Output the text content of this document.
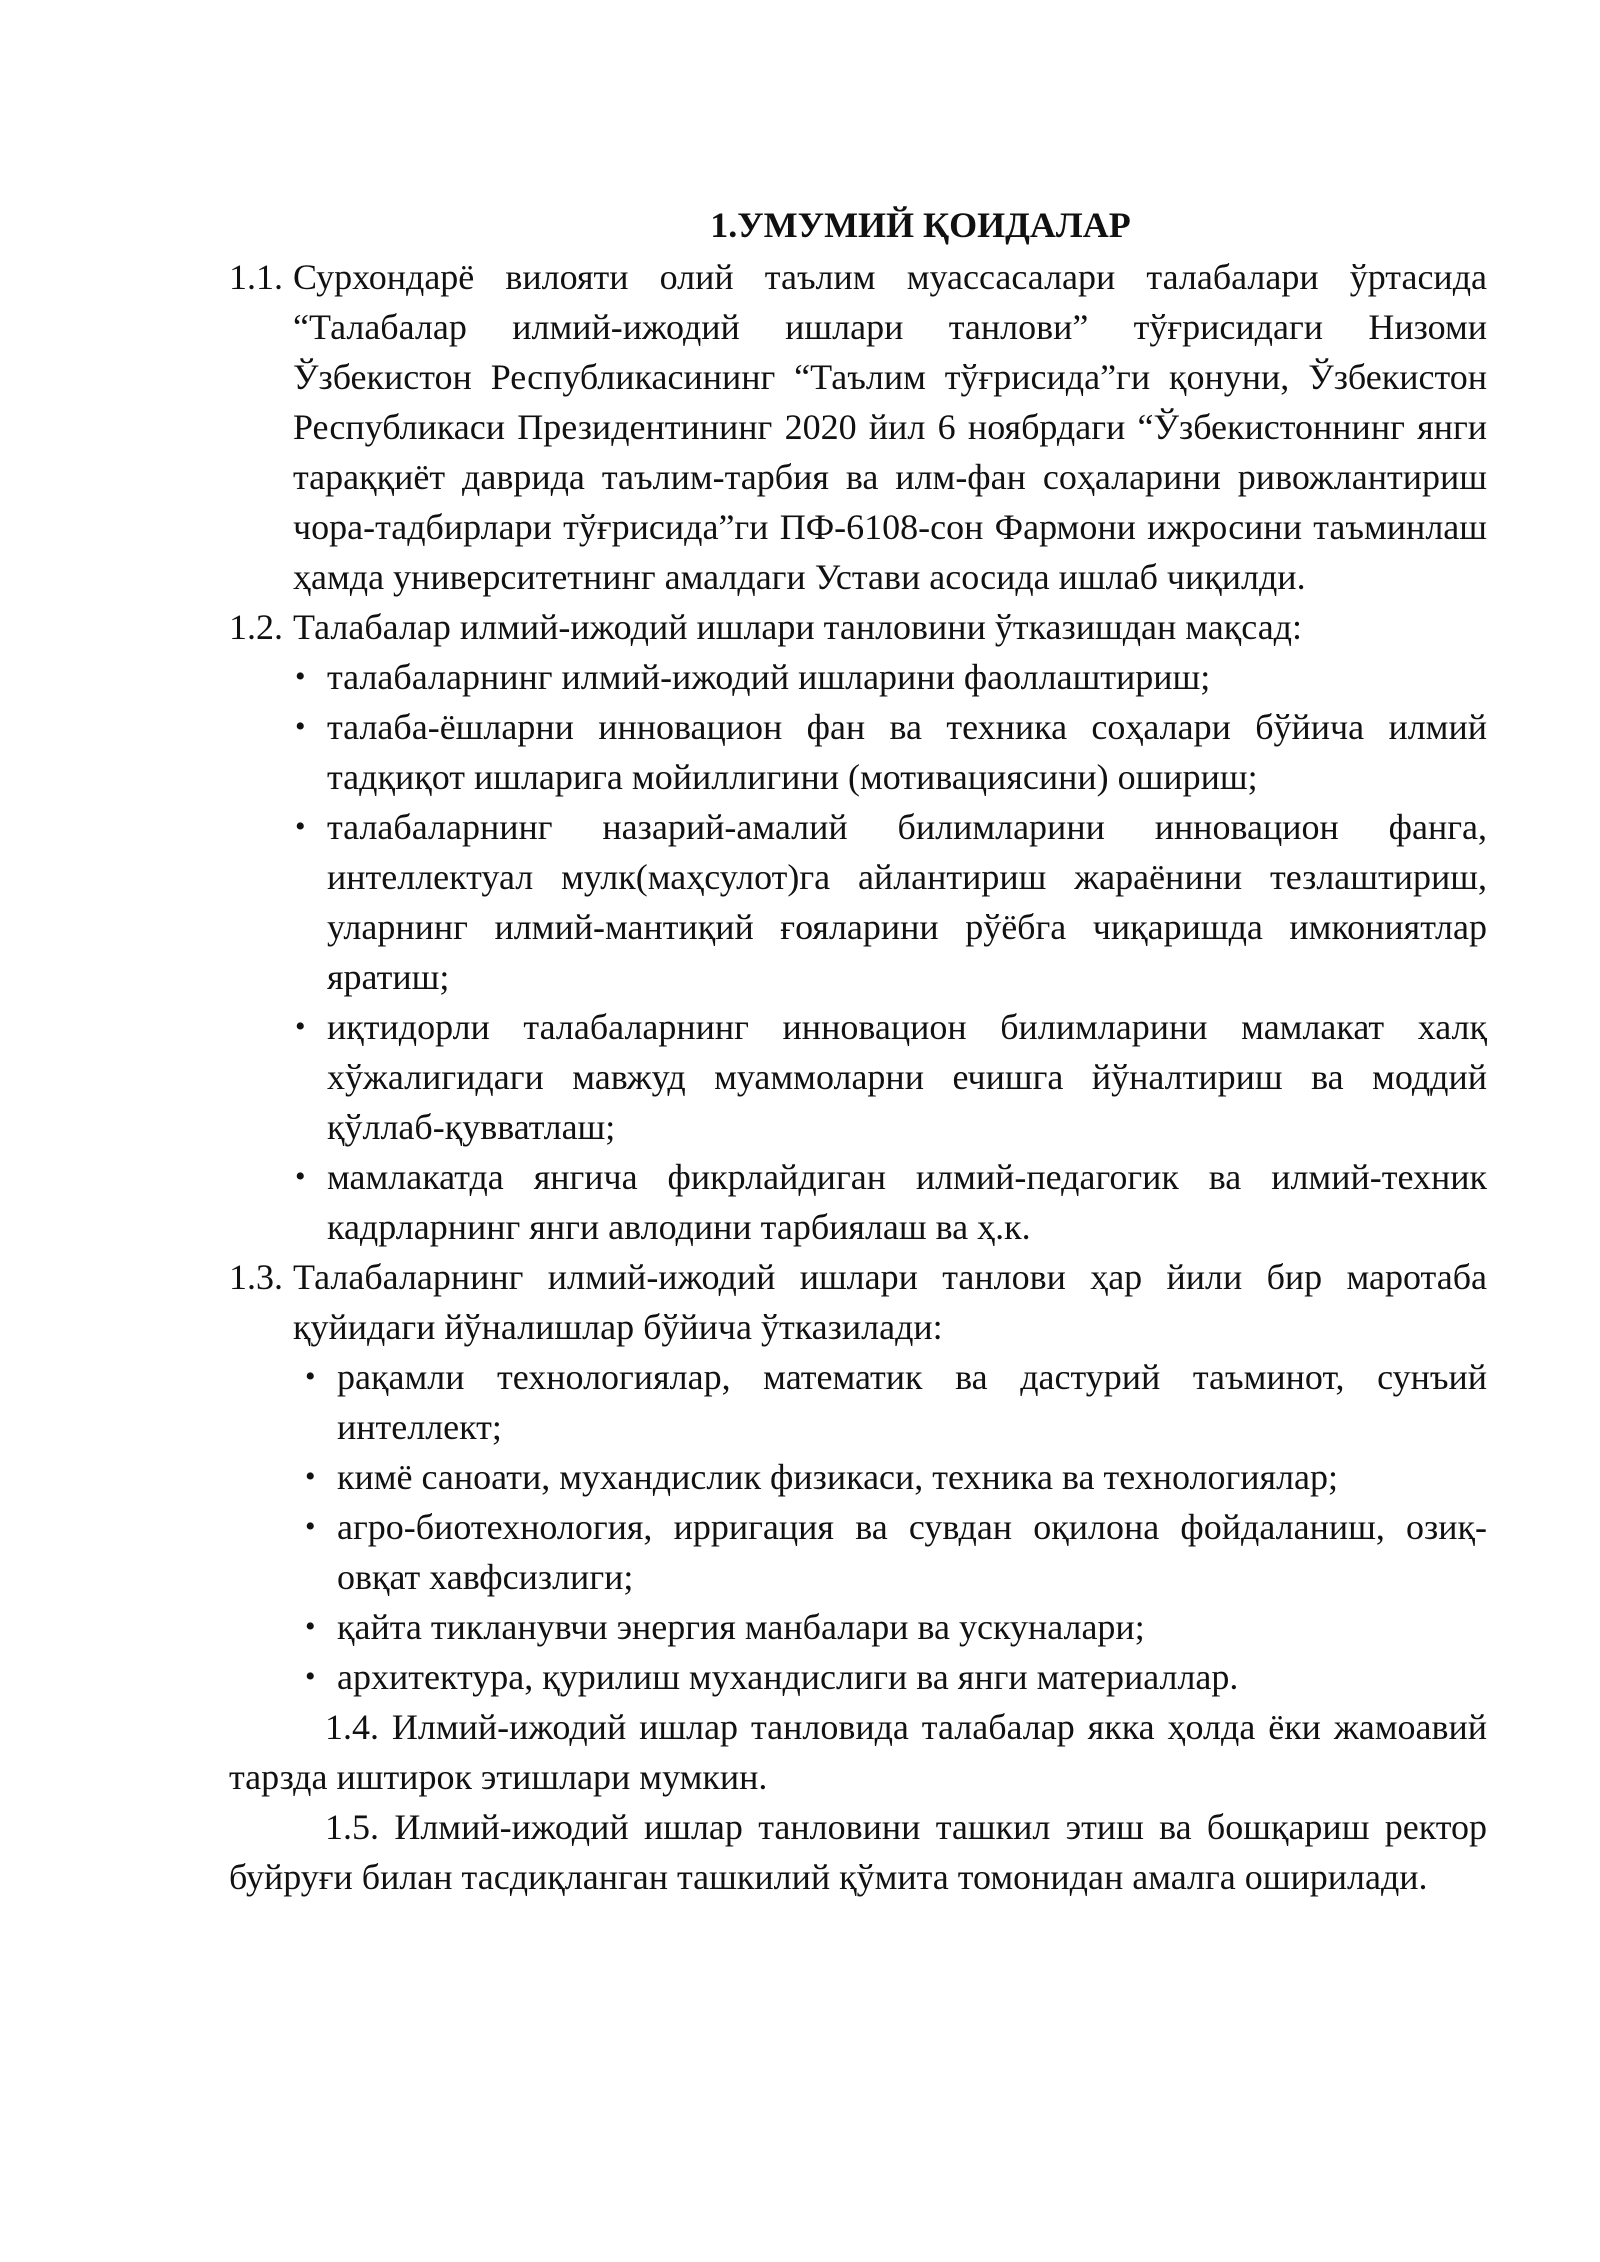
1.УМУМИЙ ҚОИДАЛАР
1.1. Сурхондарё вилояти олий таълим муассасалари талабалари ўртасида “Талабалар илмий-ижодий ишлари танлови” тўғрисидаги Низоми Ўзбекистон Республикасининг “Таълим тўғрисида”ги қонуни, Ўзбекистон Республикаси Президентининг 2020 йил 6 ноябрдаги “Ўзбекистоннинг янги тараққиёт даврида таълим-тарбия ва илм-фан соҳаларини ривожлантириш чора-тадбирлари тўғрисида”ги ПФ-6108-сон Фармони ижросини таъминлаш ҳамда университетнинг амалдаги Устави асосида ишлаб чиқилди.
1.2. Талабалар илмий-ижодий ишлари танловини ўтказишдан мақсад:
• талабаларнинг илмий-ижодий ишларини фаоллаштириш;
• талаба-ёшларни инновацион фан ва техника соҳалари бўйича илмий тадқиқот ишларига мойиллигини (мотивациясини) ошириш;
• талабаларнинг назарий-амалий билимларини инновацион фанга, интеллектуал мулк(маҳсулот)га айлантириш жараёнини тезлаштириш, уларнинг илмий-мантиқий ғояларини рўёбга чиқаришда имкониятлар яратиш;
• иқтидорли талабаларнинг инновацион билимларини мамлакат халқ хўжалигидаги мавжуд муаммоларни ечишга йўналтириш ва моддий қўллаб-қувватлаш;
• мамлакатда янгича фикрлайдиган илмий-педагогик ва илмий-техник кадрларнинг янги авлодини тарбиялаш ва ҳ.к.
1.3. Талабаларнинг илмий-ижодий ишлари танлови ҳар йили бир маротаба қуйидаги йўналишлар бўйича ўтказилади:
• рақамли технологиялар, математик ва дастурий таъминот, сунъий интеллект;
• кимё саноати, мухандислик физикаси, техника ва технологиялар;
• агро-биотехнология, ирригация ва сувдан оқилона фойдаланиш, озиқ-овқат хавфсизлиги;
• қайта тикланувчи энергия манбалари ва ускуналари;
• архитектура, қурилиш мухандислиги ва янги материаллар.

1.4. Илмий-ижодий ишлар танловида талабалар якка ҳолда ёки жамоавий тарзда иштирок этишлари мумкин.

1.5. Илмий-ижодий ишлар танловини ташкил этиш ва бошқариш ректор буйруғи билан тасдиқланган ташкилий қўмита томонидан амалга оширилади.
